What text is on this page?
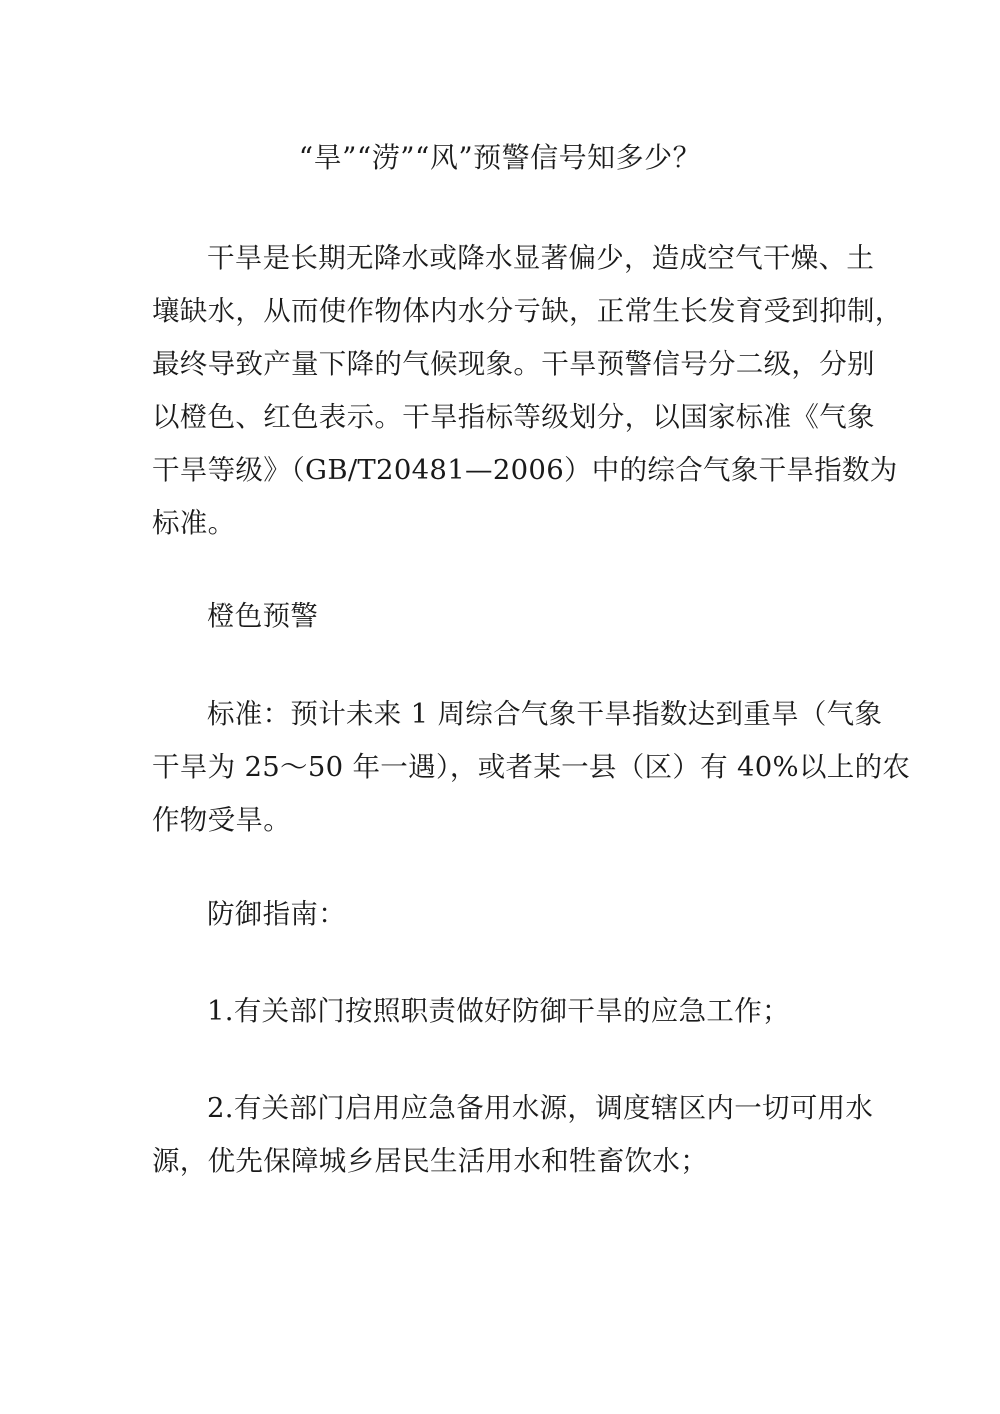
“旱”“涝”“风”预警信号知多少？
干旱是长期无降水或降水显著偏少，造成空气干燥、土
壤缺水，从而使作物体内水分亏缺，正常生长发育受到抑制，
最终导致产量下降的气候现象。干旱预警信号分二级，分别
以橙色、红色表示。干旱指标等级划分，以国家标准《气象
干旱等级》（GB/T20481—2006）中的综合气象干旱指数为
标准。
橙色预警
标准：预计未来 1 周综合气象干旱指数达到重旱（气象
干旱为 25～50 年一遇），或者某一县（区）有 40%以上的农
作物受旱。
防御指南：
1.有关部门按照职责做好防御干旱的应急工作；
2.有关部门启用应急备用水源，调度辖区内一切可用水
源，优先保障城乡居民生活用水和牲畜饮水；
